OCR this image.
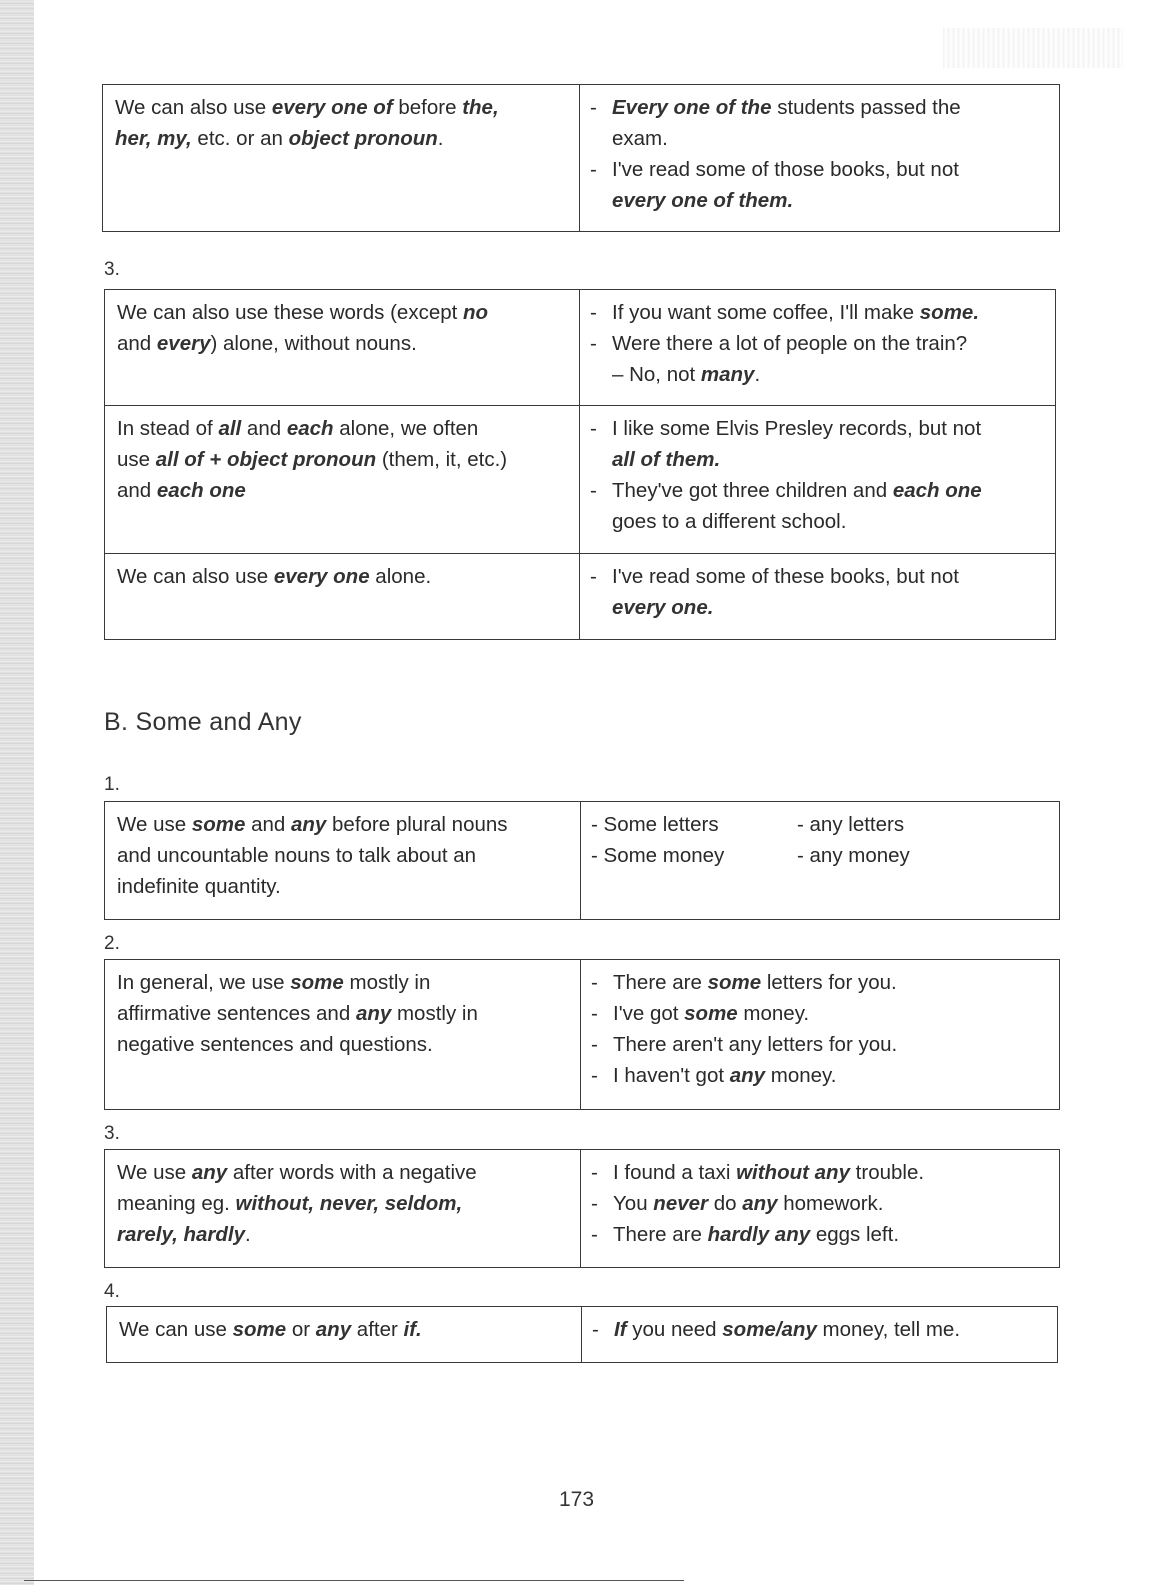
We can also use every one of before the,
her, my, etc. or an object pronoun.

-Every one of the students passed the
exam.
-I've read some of those books, but not
every one of them.
3.
We can also use these words (except no
and every) alone, without nouns.	-If you want some coffee, I'll make some.
-Were there a lot of people on the train?
– No, not many.

In stead of all and each alone, we often
use all of + object pronoun (them, it, etc.)
and each one	-I like some Elvis Presley records, but not
all of them.
-They've got three children and each one
goes to a different school.

We can also use every one alone.	-I've read some of these books, but not
every one.
B. Some and Any
1.
We use some and any before plural nouns
and uncountable nouns to talk about an
indefinite quantity.

- Some letters	- any letters
- Some money	- any money
2.
In general, we use some mostly in
affirmative sentences and any mostly in
negative sentences and questions.

-There are some letters for you.
-I've got some money.
-There aren't any letters for you.
-I haven't got any money.
3.
We use any after words with a negative
meaning eg. without, never, seldom,
rarely, hardly.

-I found a taxi without any trouble.
-You never do any homework.
-There are hardly any eggs left.
4.
We can use some or any after if.	-If you need some/any money, tell me.
173
